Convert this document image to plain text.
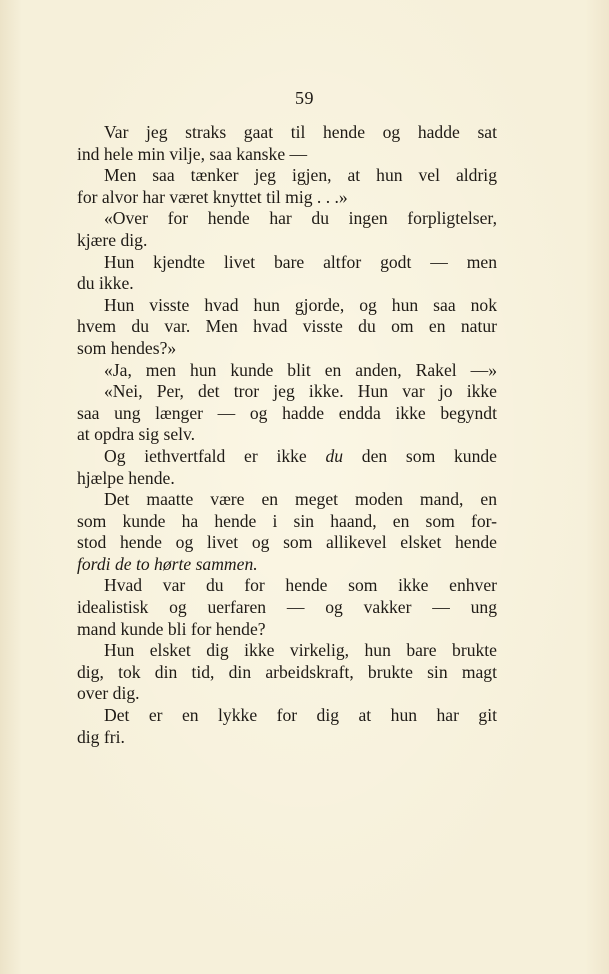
59
Var jeg straks gaat til hende og hadde sat
ind hele min vilje, saa kanske —
Men saa tænker jeg igjen, at hun vel aldrig
for alvor har været knyttet til mig . . .»
«Over for hende har du ingen forpligtelser,
kjære dig.
Hun kjendte livet bare altfor godt — men
du ikke.
Hun visste hvad hun gjorde, og hun saa nok
hvem du var. Men hvad visste du om en natur
som hendes?»
«Ja, men hun kunde blit en anden, Rakel —»
«Nei, Per, det tror jeg ikke. Hun var jo ikke
saa ung længer — og hadde endda ikke begyndt
at opdra sig selv.
Og iethvertfald er ikke du den som kunde
hjælpe hende.
Det maatte være en meget moden mand, en
som kunde ha hende i sin haand, en som for-
stod hende og livet og som allikevel elsket hende
fordi de to hørte sammen.
Hvad var du for hende som ikke enhver
idealistisk og uerfaren — og vakker — ung
mand kunde bli for hende?
Hun elsket dig ikke virkelig, hun bare brukte
dig, tok din tid, din arbeidskraft, brukte sin magt
over dig.
Det er en lykke for dig at hun har git
dig fri.
